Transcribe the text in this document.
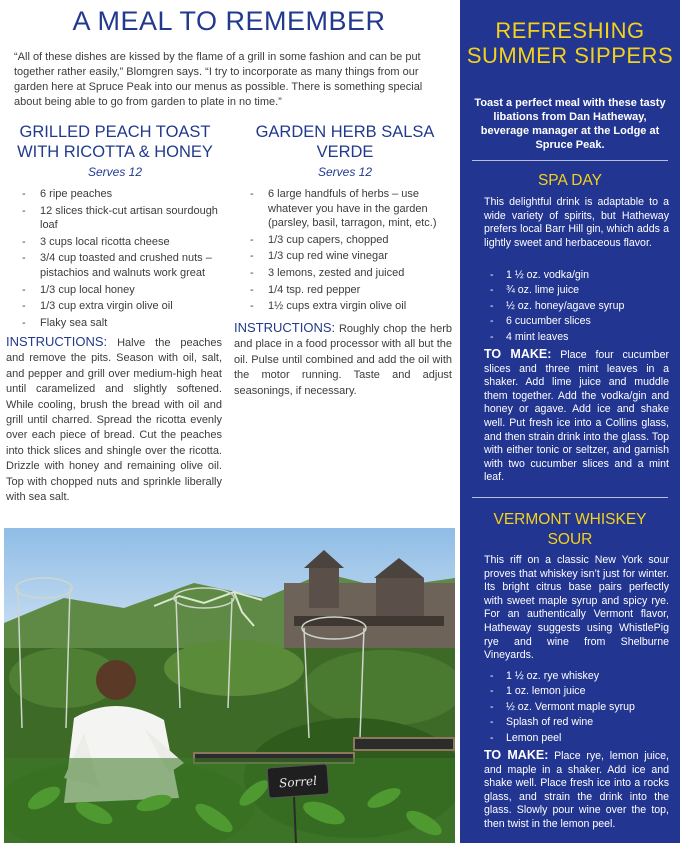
A MEAL TO REMEMBER

“All of these dishes are kissed by the flame of a grill in some fashion and can be put together rather easily,” Blomgren says. “I try to incorporate as many things from our garden here at Spruce Peak into our menus as possible. There is something special about being able to go from garden to plate in no time.”

GRILLED PEACH TOAST WITH RICOTTA & HONEY
Serves 12
- 6 ripe peaches
- 12 slices thick-cut artisan sourdough loaf
- 3 cups local ricotta cheese
- 3/4 cup toasted and crushed nuts – pistachios and walnuts work great
- 1/3 cup local honey
- 1/3 cup extra virgin olive oil
- Flaky sea salt
INSTRUCTIONS: Halve the peaches and remove the pits. Season with oil, salt, and pepper and grill over medium-high heat until caramelized and slightly softened. While cooling, brush the bread with oil and grill until charred. Spread the ricotta evenly over each piece of bread. Cut the peaches into thick slices and shingle over the ricotta. Drizzle with honey and remaining olive oil. Top with chopped nuts and sprinkle liberally with sea salt.
GARDEN HERB SALSA VERDE
Serves 12
- 6 large handfuls of herbs – use whatever you have in the garden (parsley, basil, tarragon, mint, etc.)
- 1/3 cup capers, chopped
- 1/3 cup red wine vinegar
- 3 lemons, zested and juiced
- 1/4 tsp. red pepper
- 1½ cups extra virgin olive oil
INSTRUCTIONS: Roughly chop the herb and place in a food processor with all but the oil. Pulse until combined and add the oil with the motor running. Taste and adjust seasonings, if necessary.
Sorrel
REFRESHING SUMMER SIPPERS
Toast a perfect meal with these tasty libations from Dan Hatheway, beverage manager at the Lodge at Spruce Peak.
SPA DAY

This delightful drink is adaptable to a wide variety of spirits, but Hatheway prefers local Barr Hill gin, which adds a lightly sweet and herbaceous flavor.

- 1 ½ oz. vodka/gin
- ¾ oz. lime juice
- ½ oz. honey/agave syrup
- 6 cucumber slices
- 4 mint leaves
TO MAKE: Place four cucumber slices and three mint leaves in a shaker. Add lime juice and muddle them together. Add the vodka/gin and honey or agave. Add ice and shake well. Put fresh ice into a Collins glass, and then strain drink into the glass. Top with either tonic or seltzer, and garnish with two cucumber slices and a mint leaf.
VERMONT WHISKEY SOUR

This riff on a classic New York sour proves that whiskey isn’t just for winter. Its bright citrus base pairs perfectly with sweet maple syrup and spicy rye. For an authentically Vermont flavor, Hatheway suggests using WhistlePig rye and wine from Shelburne Vineyards.

- 1 ½ oz. rye whiskey
- 1 oz. lemon juice
- ½ oz. Vermont maple syrup
- Splash of red wine
- Lemon peel
TO MAKE: Place rye, lemon juice, and maple in a shaker. Add ice and shake well. Place fresh ice into a rocks glass, and strain the drink into the glass. Slowly pour wine over the top, then twist in the lemon peel.
